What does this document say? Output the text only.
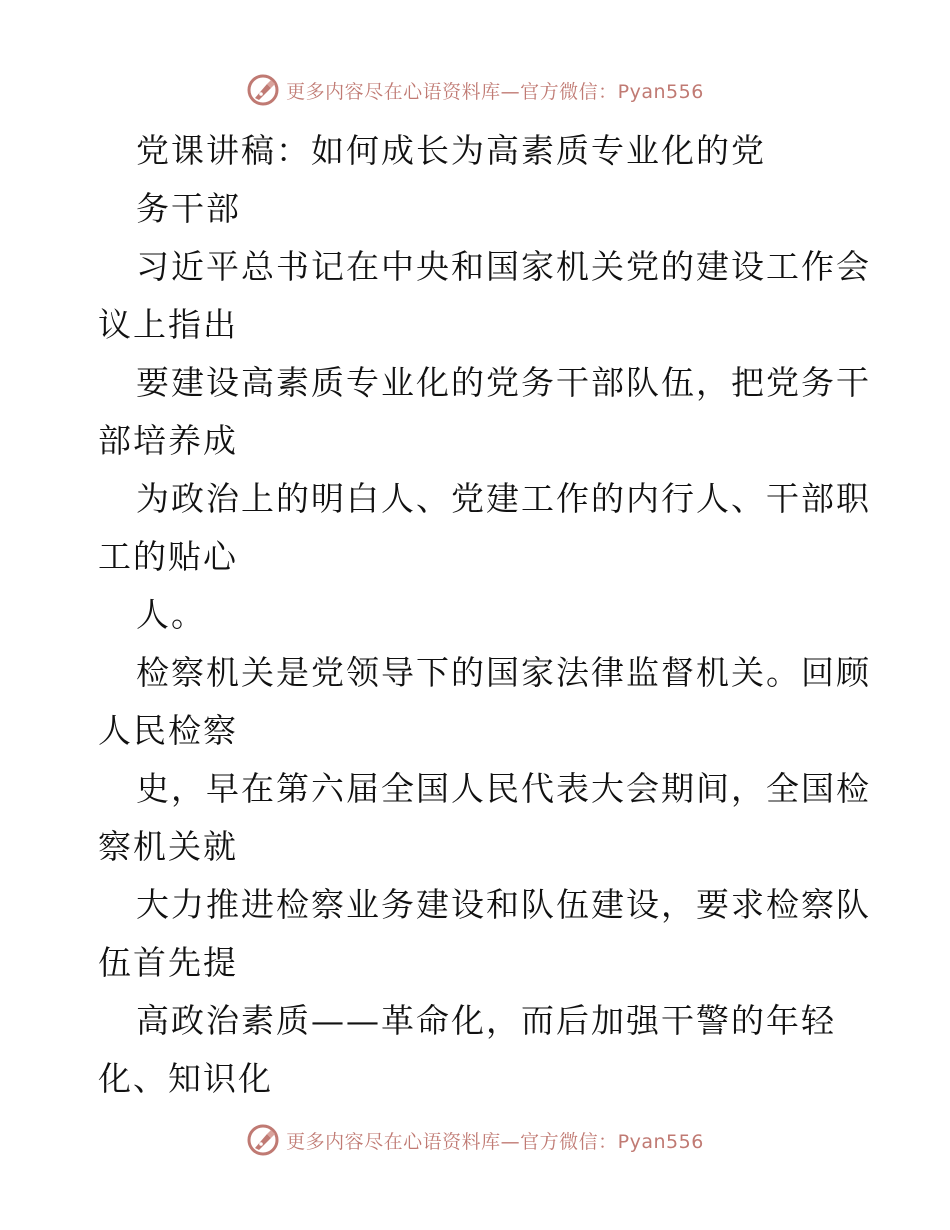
更多内容尽在心语资料库—官方微信：Pyan556

党课讲稿：如何成长为高素质专业化的党

务干部

习近平总书记在中央和国家机关党的建设工作会

议上指出

要建设高素质专业化的党务干部队伍，把党务干

部培养成

为政治上的明白人、党建工作的内行人、干部职

工的贴心

人。

检察机关是党领导下的国家法律监督机关。回顾

人民检察

史，早在第六届全国人民代表大会期间，全国检

察机关就

大力推进检察业务建设和队伍建设，要求检察队

伍首先提

高政治素质——革命化，而后加强干警的年轻

化、知识化

更多内容尽在心语资料库—官方微信：Pyan556
